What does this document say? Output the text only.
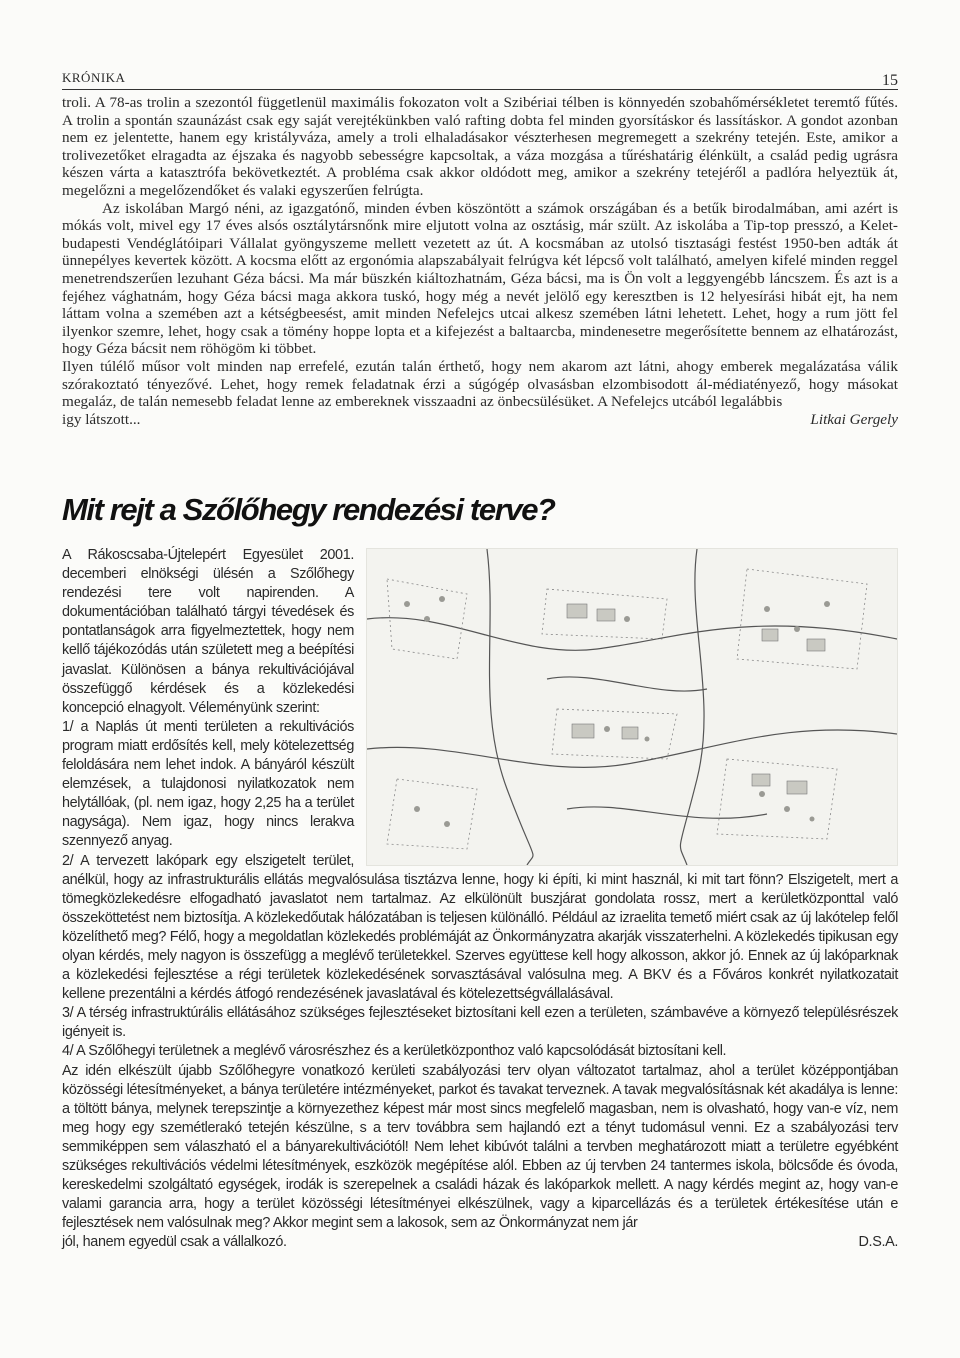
KRÓNIKA	15

troli. A 78-as trolin a szezontól függetlenül maximális fokozaton volt a Szibériai télben is könnyedén szobahőmérsékletet teremtő fűtés. A trolin a spontán szaunázást csak egy saját verejtékünkben való rafting dobta fel minden gyorsításkor és lassításkor. A gondot azonban nem ez jelentette, hanem egy kristályváza, amely a troli elhaladásakor vészterhesen megremegett a szekrény tetején. Este, amikor a trolivezetőket elragadta az éjszaka és nagyobb sebességre kapcsoltak, a váza mozgása a tűréshatárig élénkült, a család pedig ugrásra készen várta a katasztrófa bekövetkeztét. A probléma csak akkor oldódott meg, amikor a szekrény tetejéről a padlóra helyeztük át, megelőzni a megelőzendőket és valaki egyszerűen felrúgta.

Az iskolában Margó néni, az igazgatónő, minden évben köszöntött a számok országában és a betűk birodalmában, ami azért is mókás volt, mivel egy 17 éves alsós osztálytársnőnk mire eljutott volna az osztásig, már szült. Az iskolába a Tip-top presszó, a Kelet-budapesti Vendéglátóipari Vállalat gyöngyszeme mellett vezetett az út. A kocsmában az utolsó tisztasági festést 1950-ben adták át ünnepélyes kevertek között. A kocsma előtt az ergonómia alapszabályait felrúgva két lépcső volt található, amelyen kifelé minden reggel menetrendszerűen lezuhant Géza bácsi. Ma már büszkén kiáltozhatnám, Géza bácsi, ma is Ön volt a leggyengébb láncszem. És azt is a fejéhez vághatnám, hogy Géza bácsi maga akkora tuskó, hogy még a nevét jelölő egy keresztben is 12 helyesírási hibát ejt, ha nem láttam volna a szemében azt a kétségbeesést, amit minden Nefelejcs utcai alkesz szemében látni lehetett. Lehet, hogy a rum jött fel ilyenkor szemre, lehet, hogy csak a tömény hoppe lopta et a kifejezést a baltaarcba, mindenesetre megerősítette bennem az elhatározást, hogy Géza bácsit nem röhögöm ki többet.

Ilyen túlélő műsor volt minden nap errefelé, ezután talán érthető, hogy nem akarom azt látni, ahogy emberek megalázatása válik szórakoztató tényezővé. Lehet, hogy remek feladatnak érzi a súgógép olvasásban elzombisodott ál-médiatényező, hogy másokat megaláz, de talán nemesebb feladat lenne az embereknek visszaadni az önbecsülésüket. A Nefelejcs utcából legalábbis

igy látszott...	Litkai Gergely
Mit rejt a Szőlőhegy rendezési terve?

A Rákoscsaba-Újtelepért Egyesület 2001. decemberi elnökségi ülésén a Szőlőhegy rendezési tere volt napirenden. A dokumentációban található tárgyi tévedések és pontatlanságok arra figyelmeztettek, hogy nem kellő tájékozódás után született meg a beépítési javaslat. Különösen a bánya rekultivációjával összefüggő kérdések és a közlekedési koncepció elnagyolt. Véleményünk szerint:

1/ a Naplás út menti területen a rekultivációs program miatt erdősítés kell, mely kötelezettség feloldására nem lehet indok. A bányáról készült elemzések, a tulajdonosi nyilatkozatok nem helytállóak, (pl. nem igaz, hogy 2,25 ha a terület nagysága). Nem igaz, hogy nincs lerakva szennyező anyag.

2/ A tervezett lakópark egy elszigetelt terület, anélkül, hogy az infrastrukturális ellátás megvalósulása tisztázva lenne, hogy ki építi, ki mint használ, ki mit tart fönn? Elszigetelt, mert a tömegközlekedésre elfogadható javaslatot nem tartalmaz. Az elkülönült buszjárat gondolata rossz, mert a kerületközponttal való összeköttetést nem biztosítja. A közlekedőutak hálózatában is teljesen különálló. Például az izraelita temető miért csak az új lakótelep felől közelíthető meg? Félő, hogy a megoldatlan közlekedés problémáját az Önkormányzatra akarják visszaterhelni. A közlekedés tipikusan egy olyan kérdés, mely nagyon is összefügg a meglévő területekkel. Szerves együttese kell hogy alkosson, akkor jó. Ennek az új lakóparknak a közlekedési fejlesztése a régi területek közlekedésének sorvasztásával valósulna meg. A BKV és a Főváros konkrét nyilatkozatait kellene prezentálni a kérdés átfogó rendezésének javaslatával és kötelezettségvállalásával.

3/ A térség infrastruktúrális ellátásához szükséges fejlesztéseket biztosítani kell ezen a területen, számbavéve a környező településrészek igényeit is.

4/ A Szőlőhegyi területnek a meglévő városrészhez és a kerületközponthoz való kapcsolódását biztosítani kell.

Az idén elkészült újabb Szőlőhegyre vonatkozó kerületi szabályozási terv olyan változatot tartalmaz, ahol a terület középpontjában közösségi létesítményeket, a bánya területére intézményeket, parkot és tavakat terveznek. A tavak megvalósításnak két akadálya is lenne: a töltött bánya, melynek terepszintje a környezethez képest már most sincs megfelelő magasban, nem is olvasható, hogy van-e víz, nem meg hogy egy szemétlerakó tetején készülne, s a terv továbbra sem hajlandó ezt a tényt tudomásul venni. Ez a szabályozási terv semmiképpen sem válaszható el a bányarekultivációtól! Nem lehet kibúvót találni a tervben meghatározott miatt a területre egyébként szükséges rekultivációs védelmi létesítmények, eszközök megépítése alól. Ebben az új tervben 24 tantermes iskola, bölcsőde és óvoda, kereskedelmi szolgáltató egységek, irodák is szerepelnek a családi házak és lakóparkok mellett. A nagy kérdés megint az, hogy van-e valami garancia arra, hogy a terület közösségi létesítményei elkészülnek, vagy a kiparcellázás és a területek értékesítése után e fejlesztések nem valósulnak meg? Akkor megint sem a lakosok, sem az Önkormányzat nem jár

jól, hanem egyedül csak a vállalkozó.	D.S.A.
